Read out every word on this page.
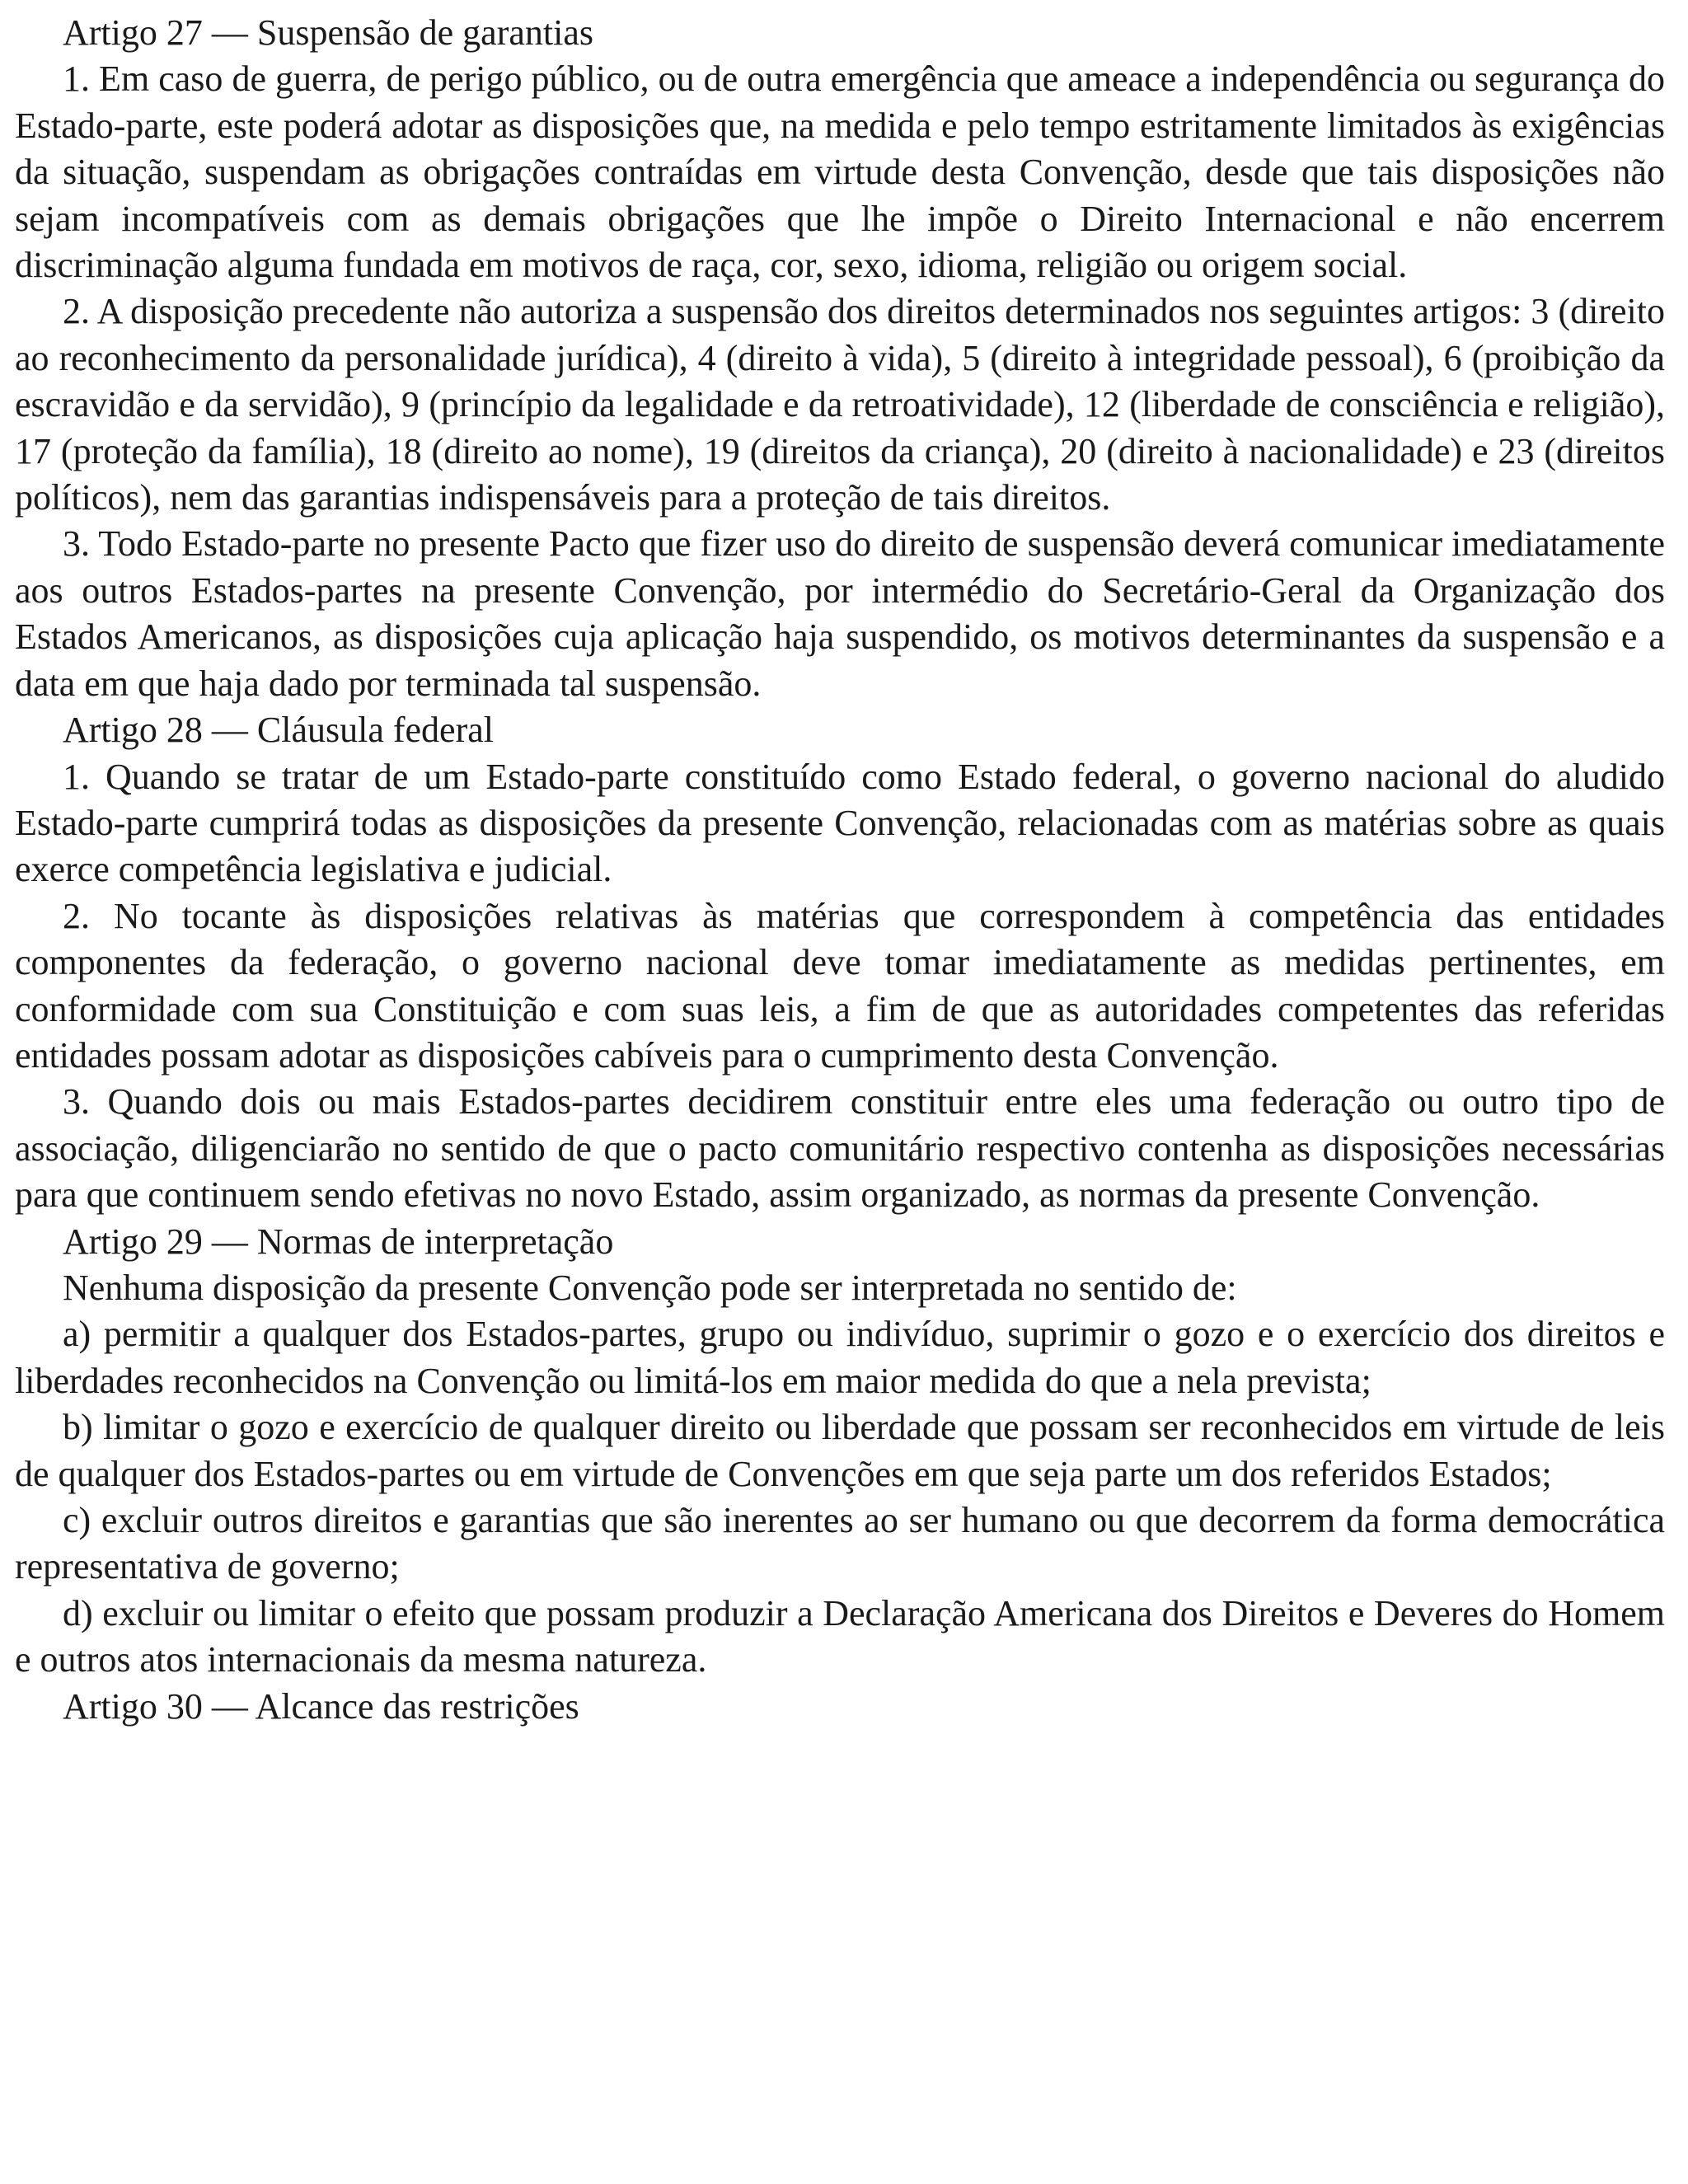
Artigo 27 — Suspensão de garantias

1. Em caso de guerra, de perigo público, ou de outra emergência que ameace a independência ou segurança do Estado-parte, este poderá adotar as disposições que, na medida e pelo tempo estritamente limitados às exigências da situação, suspendam as obrigações contraídas em virtude desta Convenção, desde que tais disposições não sejam incompatíveis com as demais obrigações que lhe impõe o Direito Internacional e não encerrem discriminação alguma fundada em motivos de raça, cor, sexo, idioma, religião ou origem social.

2. A disposição precedente não autoriza a suspensão dos direitos determinados nos seguintes artigos: 3 (direito ao reconhecimento da personalidade jurídica), 4 (direito à vida), 5 (direito à integridade pessoal), 6 (proibição da escravidão e da servidão), 9 (princípio da legalidade e da retroatividade), 12 (liberdade de consciência e religião), 17 (proteção da família), 18 (direito ao nome), 19 (direitos da criança), 20 (direito à nacionalidade) e 23 (direitos políticos), nem das garantias indispensáveis para a proteção de tais direitos.

3. Todo Estado-parte no presente Pacto que fizer uso do direito de suspensão deverá comunicar imediatamente aos outros Estados-partes na presente Convenção, por intermédio do Secretário-Geral da Organização dos Estados Americanos, as disposições cuja aplicação haja suspendido, os motivos determinantes da suspensão e a data em que haja dado por terminada tal suspensão.

Artigo 28 — Cláusula federal

1. Quando se tratar de um Estado-parte constituído como Estado federal, o governo nacional do aludido Estado-parte cumprirá todas as disposições da presente Convenção, relacionadas com as matérias sobre as quais exerce competência legislativa e judicial.

2. No tocante às disposições relativas às matérias que correspondem à competência das entidades componentes da federação, o governo nacional deve tomar imediatamente as medidas pertinentes, em conformidade com sua Constituição e com suas leis, a fim de que as autoridades competentes das referidas entidades possam adotar as disposições cabíveis para o cumprimento desta Convenção.

3. Quando dois ou mais Estados-partes decidirem constituir entre eles uma federação ou outro tipo de associação, diligenciarão no sentido de que o pacto comunitário respectivo contenha as disposições necessárias para que continuem sendo efetivas no novo Estado, assim organizado, as normas da presente Convenção.

Artigo 29 — Normas de interpretação

Nenhuma disposição da presente Convenção pode ser interpretada no sentido de:

a) permitir a qualquer dos Estados-partes, grupo ou indivíduo, suprimir o gozo e o exercício dos direitos e liberdades reconhecidos na Convenção ou limitá-los em maior medida do que a nela prevista;

b) limitar o gozo e exercício de qualquer direito ou liberdade que possam ser reconhecidos em virtude de leis de qualquer dos Estados-partes ou em virtude de Convenções em que seja parte um dos referidos Estados;

c) excluir outros direitos e garantias que são inerentes ao ser humano ou que decorrem da forma democrática representativa de governo;

d) excluir ou limitar o efeito que possam produzir a Declaração Americana dos Direitos e Deveres do Homem e outros atos internacionais da mesma natureza.

Artigo 30 — Alcance das restrições
